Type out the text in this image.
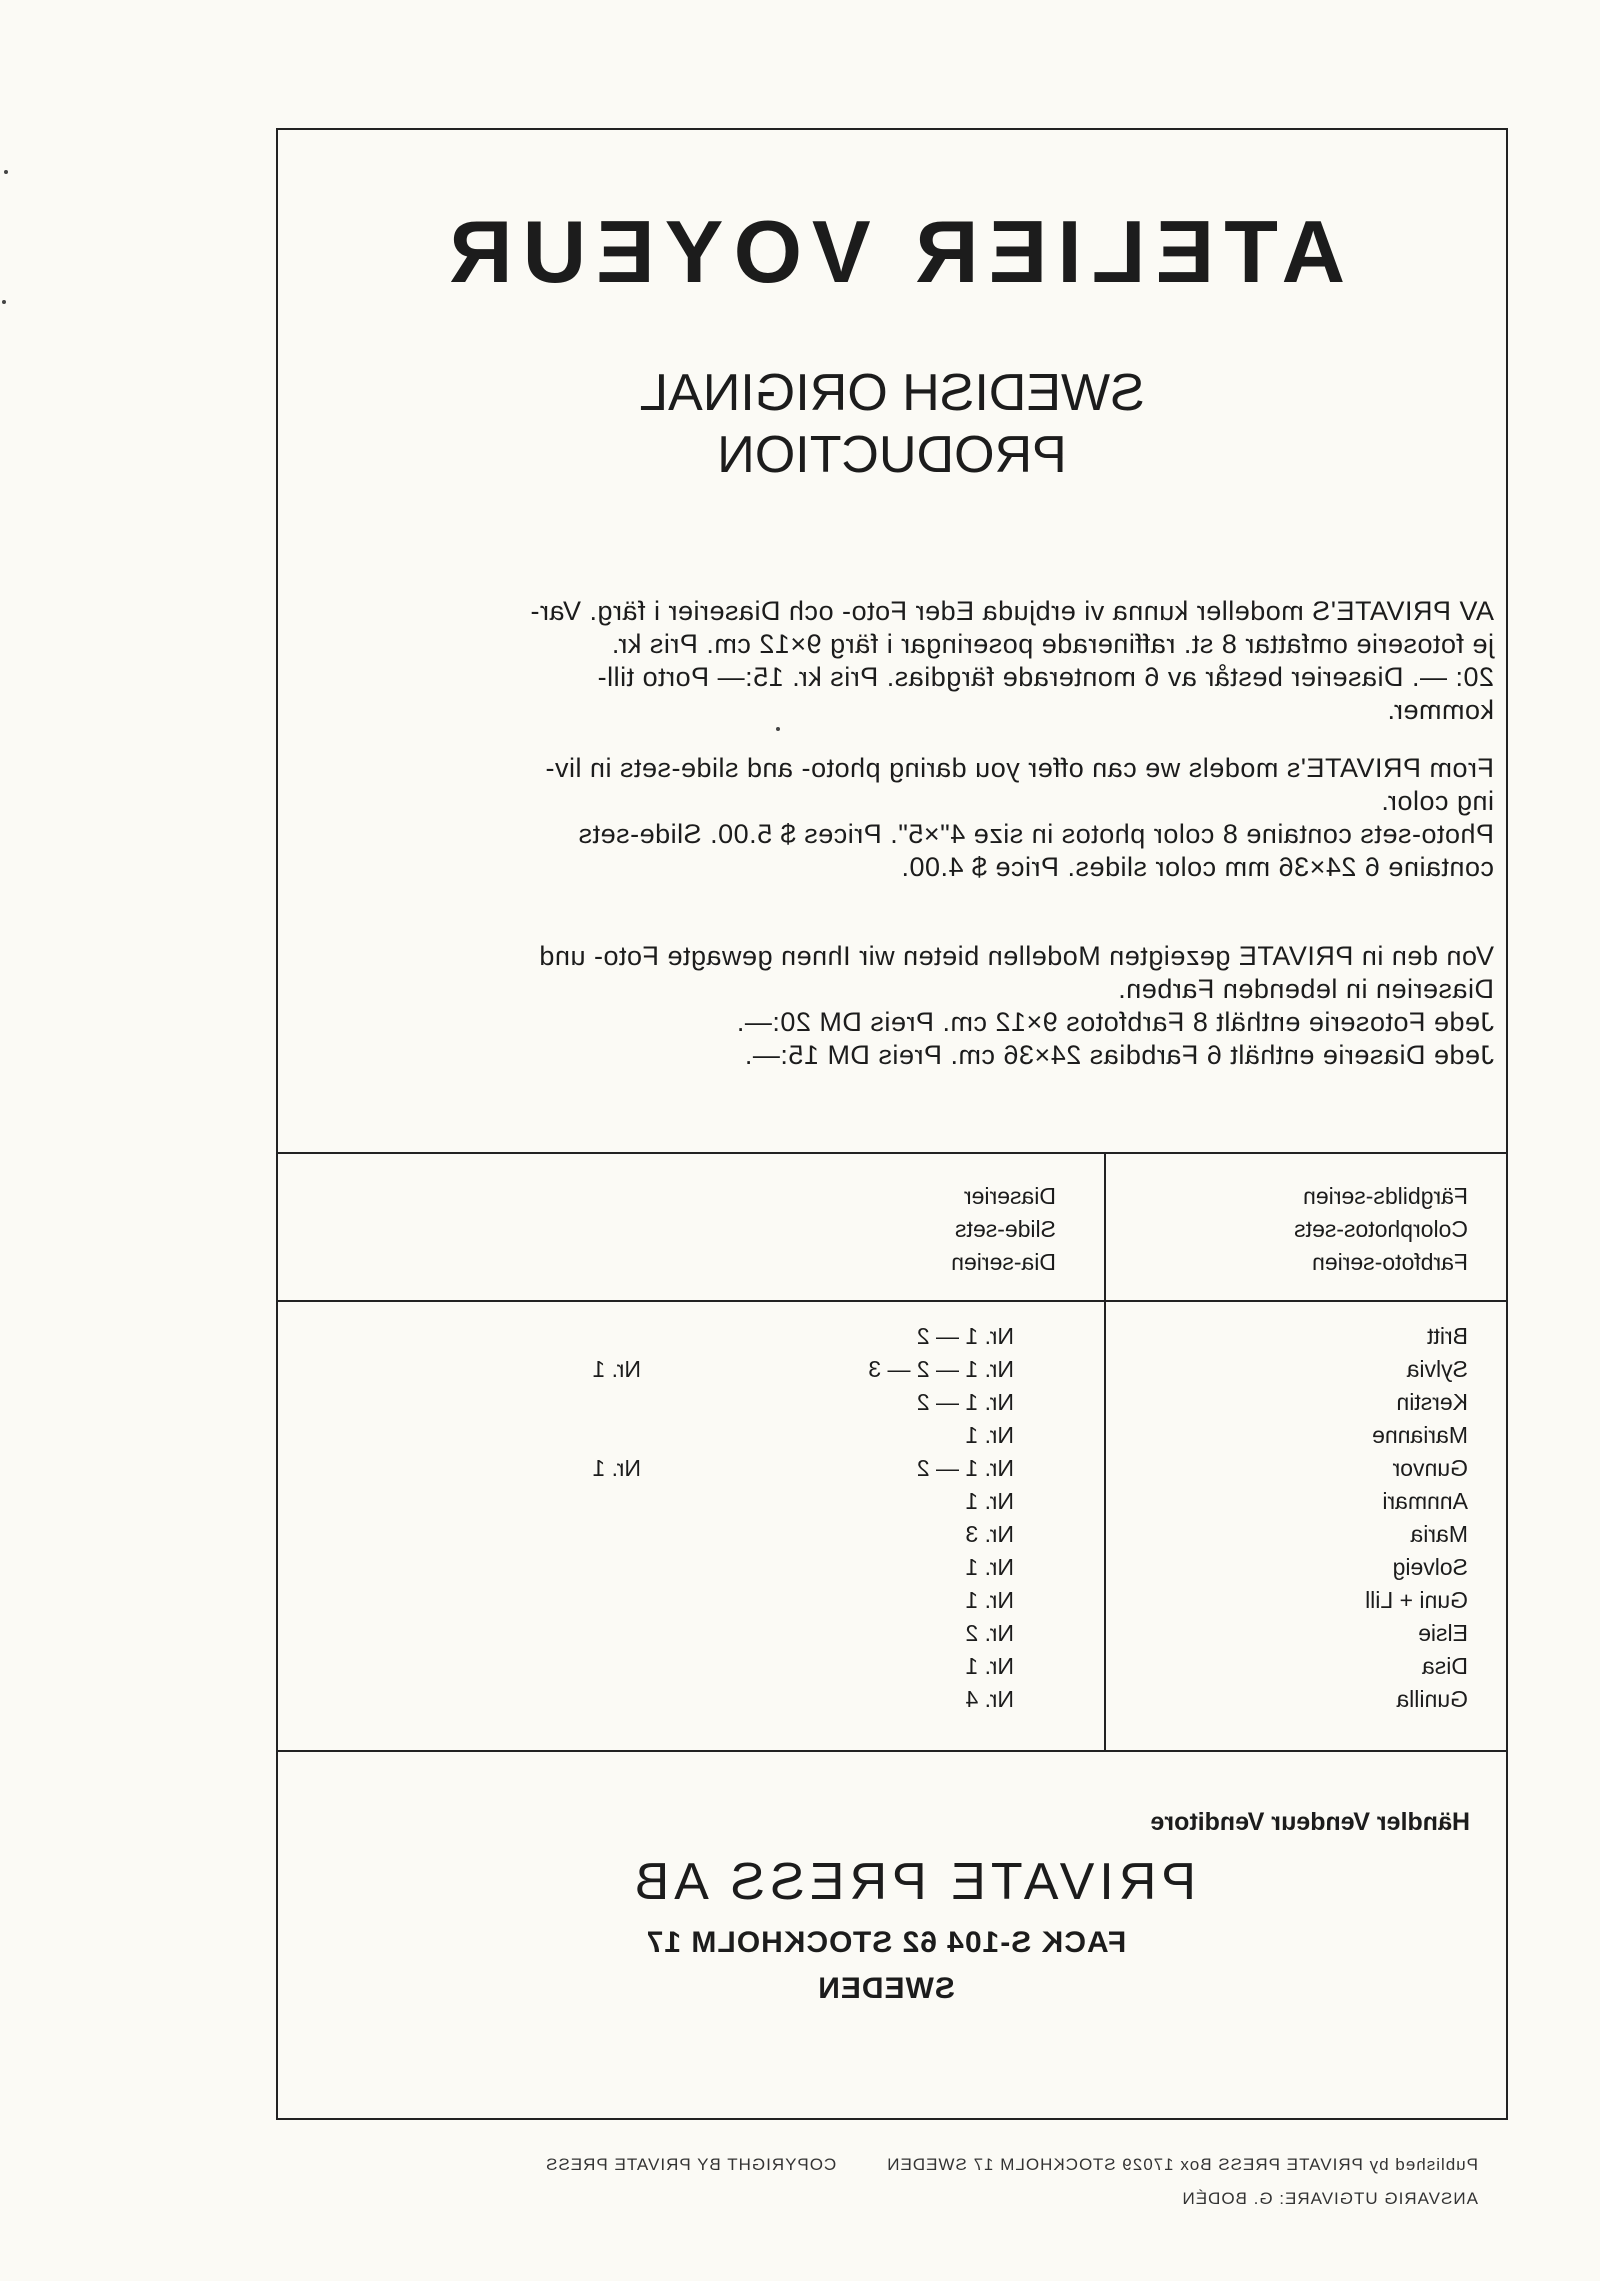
ATELIER VOYEUR
SWEDISH ORIGINAL
PRODUCTION

AV PRIVATE'S modeller kunna vi erbjuda Eder Foto- och Diaserier i färg. Var-

je fotoserie omfattar 8 st. raffinerade poseringar i färg 9×12 cm. Pris kr.

20: —. Diaserier består av 6 monterade färgdias. Pris kr. 15:— Porto till-

kommer.

From PRIVATE's models we can offer you daring photo- and slide-sets in liv-

ing color.

Photo-sets containe 8 color photos in size 4"×5". Prices $ 5.00. Slide-sets

containe 6 24×36 mm color slides. Price $ 4.00.

Von den in PRIVATE gezeigten Modellen bieten wir Ihnen gewagte Foto- und

Diaserien in lebenden Farben.

Jede Fotoserie enthält 8 Farbfotos 9×12 cm. Preis DM 20:—.

Jede Diaserie enthält 6 Farbdias 24×36 cm. Preis DM 15:—.

Färgbilds-serien
Colorphotos-sets
Farbfoto-serien
Diaserier
Slide-sets
Dia-serien
Britt
Nr. 1 — 2
Sylvia
Nr. 1 — 2 — 3
Nr. 1
Kerstin
Nr. 1 — 2
Marianne
Nr. 1
Gunvor
Nr. 1 — 2
Nr. 1
Annmari
Nr. 1
Maria
Nr. 3
Solveig
Nr. 1
Guni + Lill
Nr. 1
Elsie
Nr. 2
Disa
Nr. 1
Gunilla
Nr. 4
Händler Vendeur Venditore
PRIVATE PRESS AB
FACK S-104 62 STOCKHOLM 17
SWEDEN
Published by PRIVATE PRESS Box 17029 STOCKHOLM 17 SWEDENCOPYRIGHT BY PRIVATE PRESS
ANSVARIG UTGIVARE: G. BODÉN
